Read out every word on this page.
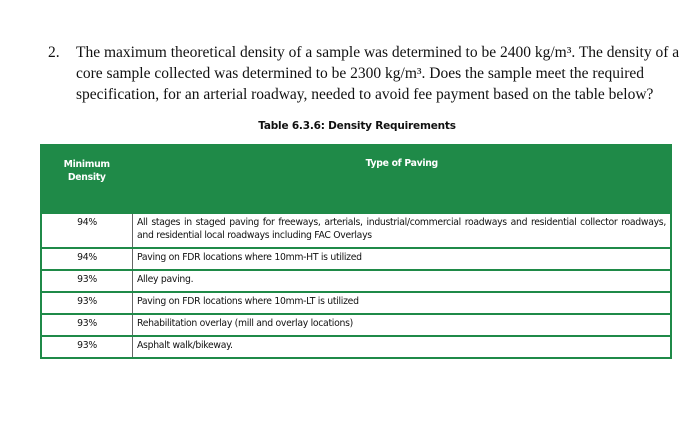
2. The maximum theoretical density of a sample was determined to be 2400 kg/m³. The density of a
core sample collected was determined to be 2300 kg/m³. Does the sample meet the required
specification, for an arterial roadway, needed to avoid fee payment based on the table below?
Table 6.3.6: Density Requirements
Minimum
Density	Type of Paving
94%	All stages in staged paving for freeways, arterials, industrial/commercial roadways and residential collector roadways, and residential local roadways including FAC Overlays
94%	Paving on FDR locations where 10mm-HT is utilized
93%	Alley paving.
93%	Paving on FDR locations where 10mm-LT is utilized
93%	Rehabilitation overlay (mill and overlay locations)
93%	Asphalt walk/bikeway.
